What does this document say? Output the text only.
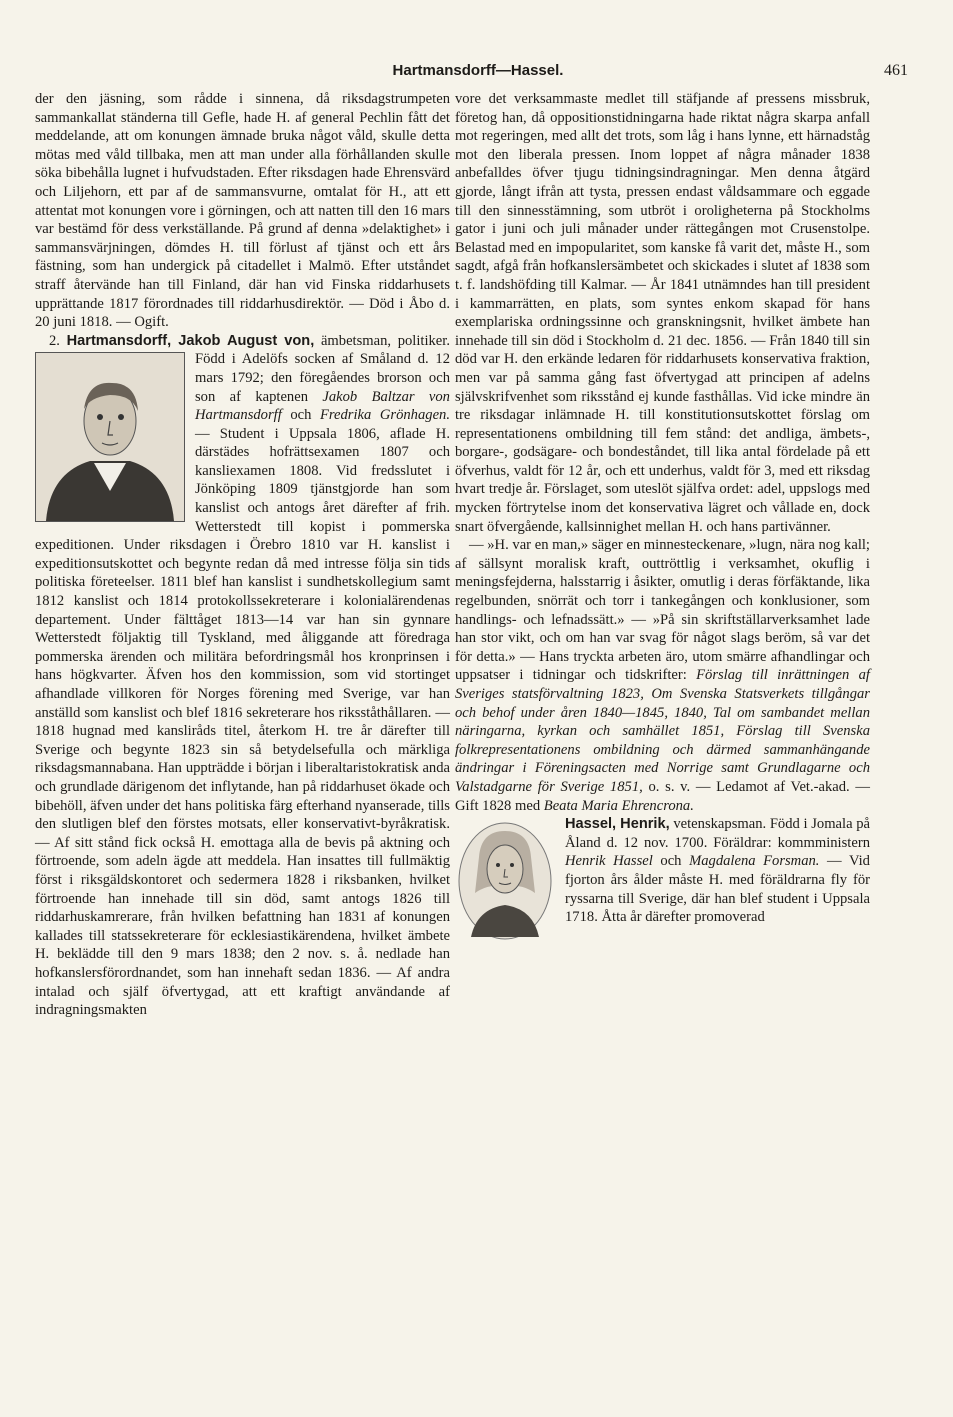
Hartmansdorff—Hassel.	461

der den jäsning, som rådde i sinnena, då riksdagstrumpeten sammankallat ständerna till Gefle, hade H. af general Pechlin fått det meddelande, att om konungen ämnade bruka något våld, skulle detta mötas med våld tillbaka, men att man under alla förhållanden skulle söka bibehålla lugnet i hufvudstaden. Efter riksdagen hade Ehrensvärd och Liljehorn, ett par af de sammansvurne, omtalat för H., att ett attentat mot konungen vore i görningen, och att natten till den 16 mars var bestämd för dess verkställande. På grund af denna »delaktighet» i sammansvärjningen, dömdes H. till förlust af tjänst och ett års fästning, som han undergick på citadellet i Malmö. Efter utståndet straff återvände han till Finland, där han vid Finska riddarhusets upprättande 1817 förordnades till riddarhusdirektör. — Död i Åbo d. 20 juni 1818. — Ogift.

2. Hartmansdorff, Jakob August von, ämbetsman, politiker. Född i Adelöfs socken af Småland d. 12 mars 1792; den föregåendes brorson och son af kaptenen Jakob Baltzar von Hartmansdorff och Fredrika Grönhagen. — Student i Uppsala 1806, aflade H. därstädes hofrättsexamen 1807 och kansliexamen 1808. Vid fredsslutet i Jönköping 1809 tjänstgjorde han som kanslist och antogs året därefter af frih. Wetterstedt till kopist i pommerska expeditionen. Under riksdagen i Örebro 1810 var H. kanslist i expeditionsutskottet och begynte redan då med intresse följa sin tids politiska företeelser. 1811 blef han kanslist i sundhetskollegium samt 1812 kanslist och 1814 protokollssekreterare i kolonialärendenas departement. Under fälttåget 1813—14 var han sin gynnare Wetterstedt följaktig till Tyskland, med åliggande att föredraga pommerska ärenden och militära befordringsmål hos kronprinsen i hans högkvarter. Äfven hos den kommission, som vid stortinget afhandlade villkoren för Norges förening med Sverige, var han anställd som kanslist och blef 1816 sekreterare hos riksståthållaren. — 1818 hugnad med kansliråds titel, återkom H. tre år därefter till Sverige och begynte 1823 sin så betydelsefulla och märkliga riksdagsmannabana. Han uppträdde i början i liberaltaristokratisk anda och grundlade därigenom det inflytande, han på riddarhuset ökade och bibehöll, äfven under det hans politiska färg efterhand nyanserade, tills den slutligen blef den förstes motsats, eller konservativt-byråkratisk. — Af sitt stånd fick också H. emottaga alla de bevis på aktning och förtroende, som adeln ägde att meddela. Han insattes till fullmäktig först i riksgäldskontoret och sedermera 1828 i riksbanken, hvilket förtroende han innehade till sin död, samt antogs 1826 till riddarhuskamrerare, från hvilken befattning han 1831 af konungen kallades till statssekreterare för ecklesiastikärendena, hvilket ämbete H. beklädde till den 9 mars 1838; den 2 nov. s. å. nedlade han hofkanslersförordnandet, som han innehaft sedan 1836. — Af andra intalad och själf öfvertygad, att ett kraftigt användande af indragningsmakten

vore det verksammaste medlet till stäfjande af pressens missbruk, företog han, då oppositionstidningarna hade riktat några skarpa anfall mot regeringen, med allt det trots, som låg i hans lynne, ett härnadståg mot den liberala pressen. Inom loppet af några månader 1838 anbefalldes öfver tjugu tidningsindragningar. Men denna åtgärd gjorde, långt ifrån att tysta, pressen endast våldsammare och eggade till den sinnesstämning, som utbröt i oroligheterna på Stockholms gator i juni och juli månader under rättegången mot Crusenstolpe. Belastad med en impopularitet, som kanske få varit det, måste H., som sagdt, afgå från hofkanslersämbetet och skickades i slutet af 1838 som t. f. landshöfding till Kalmar. — År 1841 utnämndes han till president i kammarrätten, en plats, som syntes enkom skapad för hans exemplariska ordningssinne och granskningsnit, hvilket ämbete han innehade till sin död i Stockholm d. 21 dec. 1856. — Från 1840 till sin död var H. den erkände ledaren för riddarhusets konservativa fraktion, men var på samma gång fast öfvertygad att principen af adelns självskrifvenhet som riksstånd ej kunde fasthållas. Vid icke mindre än tre riksdagar inlämnade H. till konstitutionsutskottet förslag om representationens ombildning till fem stånd: det andliga, ämbets-, borgare-, godsägare- och bondeståndet, till lika antal fördelade på ett öfverhus, valdt för 12 år, och ett underhus, valdt för 3, med ett riksdag hvart tredje år. Förslaget, som uteslöt själfva ordet: adel, uppslogs med mycken förtrytelse inom det konservativa lägret och vållade en, dock snart öfvergående, kallsinnighet mellan H. och hans partivänner.

— »H. var en man,» säger en minnesteckenare, »lugn, nära nog kall; af sällsynt moralisk kraft, outtröttlig i verksamhet, okuflig i meningsfejderna, halsstarrig i åsikter, omutlig i deras förfäktande, lika regelbunden, snörrät och torr i tankegången och konklusioner, som handlings- och lefnadssätt.» — »På sin skriftställarverksamhet lade han stor vikt, och om han var svag för något slags beröm, så var det för detta.» — Hans tryckta arbeten äro, utom smärre afhandlingar och uppsatser i tidningar och tidskrifter: Förslag till inrättningen af Sveriges statsförvaltning 1823, Om Svenska Statsverkets tillgångar och behof under åren 1840—1845, 1840, Tal om sambandet mellan näringarna, kyrkan och samhället 1851, Förslag till Svenska folkrepresentationens ombildning och därmed sammanhängande ändringar i Föreningsacten med Norrige samt Grundlagarne och Valstadgarne för Sverige 1851, o. s. v. — Ledamot af Vet.-akad. — Gift 1828 med Beata Maria Ehrencrona.

Hassel, Henrik, vetenskapsman. Född i Jomala på Åland d. 12 nov. 1700. Föräldrar: kommministern Henrik Hassel och Magdalena Forsman. — Vid fjorton års ålder måste H. med föräldrarna fly för ryssarna till Sverige, där han blef student i Uppsala 1718. Åtta år därefter promoverad
